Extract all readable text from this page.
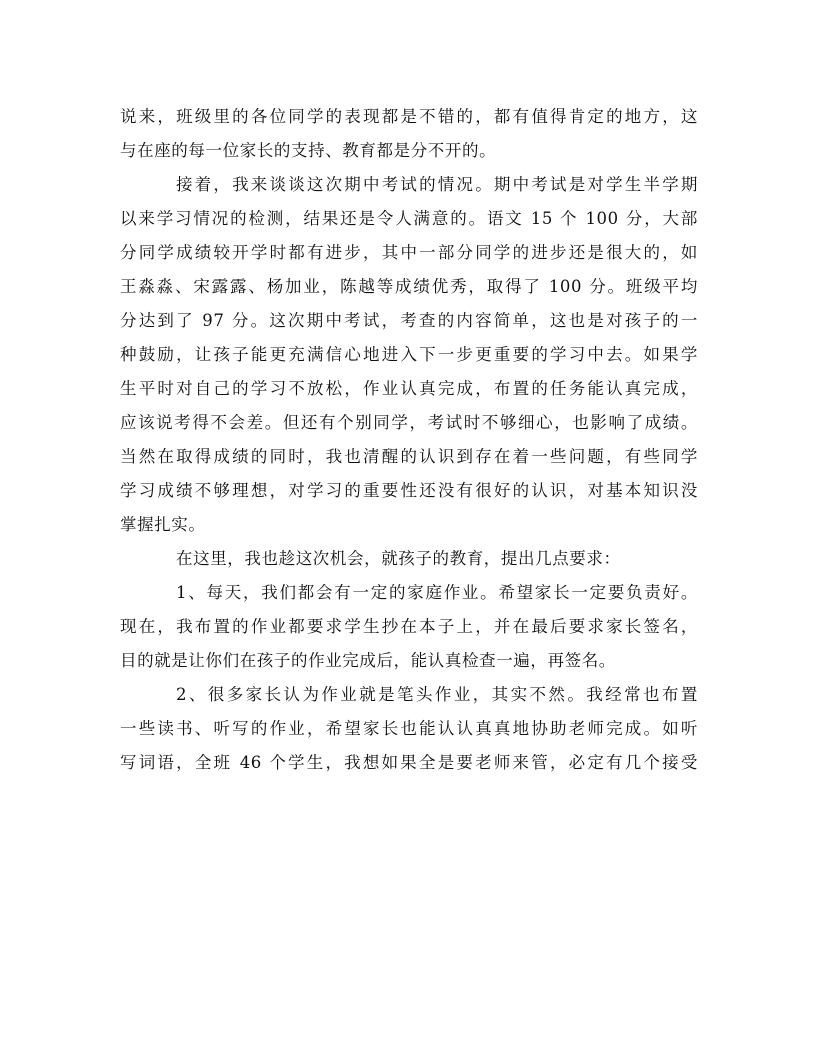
说来，班级里的各位同学的表现都是不错的，都有值得肯定的地方，这
与在座的每一位家长的支持、教育都是分不开的。
接着，我来谈谈这次期中考试的情况。期中考试是对学生半学期
以来学习情况的检测，结果还是令人满意的。语文 15 个 100 分，大部
分同学成绩较开学时都有进步，其中一部分同学的进步还是很大的，如
王淼淼、宋露露、杨加业，陈越等成绩优秀，取得了 100 分。班级平均
分达到了 97 分。这次期中考试，考查的内容简单，这也是对孩子的一
种鼓励，让孩子能更充满信心地进入下一步更重要的学习中去。如果学
生平时对自己的学习不放松，作业认真完成，布置的任务能认真完成，
应该说考得不会差。但还有个别同学，考试时不够细心，也影响了成绩。
当然在取得成绩的同时，我也清醒的认识到存在着一些问题，有些同学
学习成绩不够理想，对学习的重要性还没有很好的认识，对基本知识没
掌握扎实。
在这里，我也趁这次机会，就孩子的教育，提出几点要求：
1、每天，我们都会有一定的家庭作业。希望家长一定要负责好。
现在，我布置的作业都要求学生抄在本子上，并在最后要求家长签名，
目的就是让你们在孩子的作业完成后，能认真检查一遍，再签名。
2、很多家长认为作业就是笔头作业，其实不然。我经常也布置
一些读书、听写的作业，希望家长也能认认真真地协助老师完成。如听
写词语，全班 46 个学生，我想如果全是要老师来管，必定有几个接受
